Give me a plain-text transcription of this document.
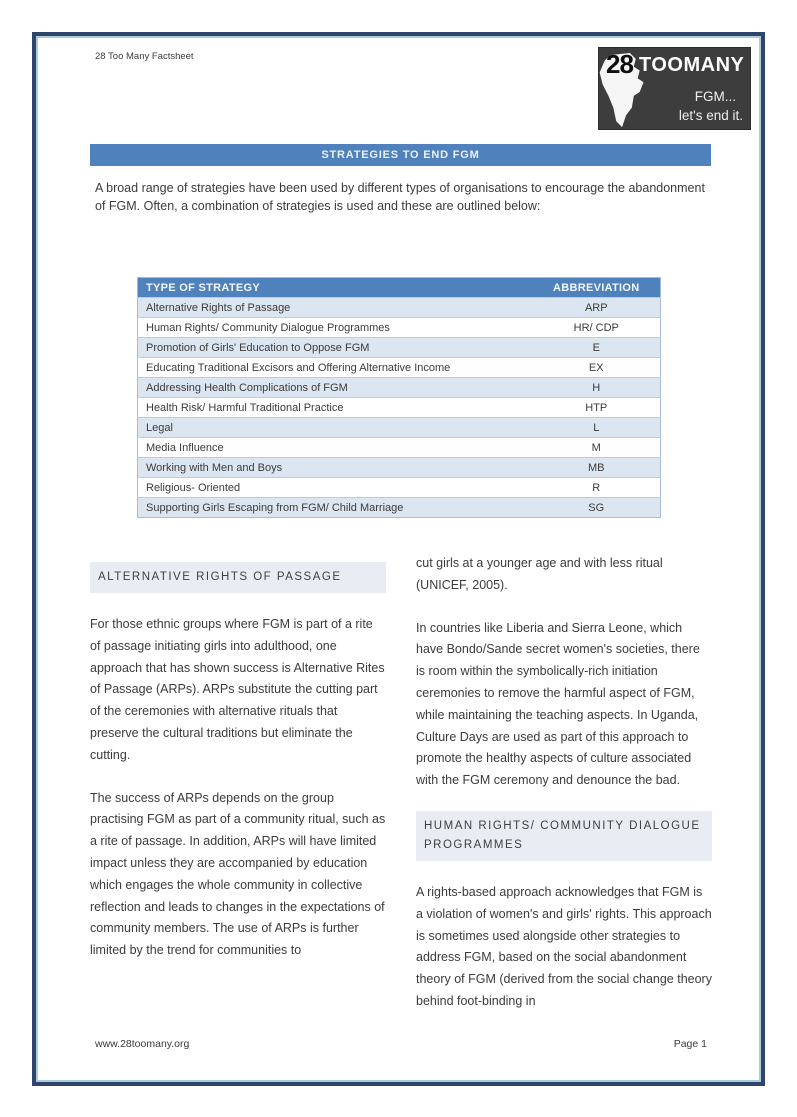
28 Too Many Factsheet	28 TOOMANY
FGM...
let's end it.
STRATEGIES TO END FGM

A broad range of strategies have been used by different types of organisations to encourage the abandonment of FGM. Often, a combination of strategies is used and these are outlined below:

TYPE OF STRATEGY	ABBREVIATION
Alternative Rights of Passage	ARP
Human Rights/ Community Dialogue Programmes	HR/ CDP
Promotion of Girls' Education to Oppose FGM	E
Educating Traditional Excisors and Offering Alternative Income	EX
Addressing Health Complications of FGM	H
Health Risk/ Harmful Traditional Practice	HTP
Legal	L
Media Influence	M
Working with Men and Boys	MB
Religious- Oriented	R
Supporting Girls Escaping from FGM/ Child Marriage	SG
ALTERNATIVE RIGHTS OF PASSAGE

For those ethnic groups where FGM is part of a rite of passage initiating girls into adulthood, one approach that has shown success is Alternative Rites of Passage (ARPs). ARPs substitute the cutting part of the ceremonies with alternative rituals that preserve the cultural traditions but eliminate the cutting.

The success of ARPs depends on the group practising FGM as part of a community ritual, such as a rite of passage. In addition, ARPs will have limited impact unless they are accompanied by education which engages the whole community in collective reflection and leads to changes in the expectations of community members. The use of ARPs is further limited by the trend for communities to

cut girls at a younger age and with less ritual (UNICEF, 2005).

In countries like Liberia and Sierra Leone, which have Bondo/Sande secret women's societies, there is room within the symbolically-rich initiation ceremonies to remove the harmful aspect of FGM, while maintaining the teaching aspects. In Uganda, Culture Days are used as part of this approach to promote the healthy aspects of culture associated with the FGM ceremony and denounce the bad.

HUMAN RIGHTS/ COMMUNITY DIALOGUE PROGRAMMES

A rights-based approach acknowledges that FGM is a violation of women's and girls' rights. This approach is sometimes used alongside other strategies to address FGM, based on the social abandonment theory of FGM (derived from the social change theory behind foot-binding in

www.28toomany.org	Page 1
